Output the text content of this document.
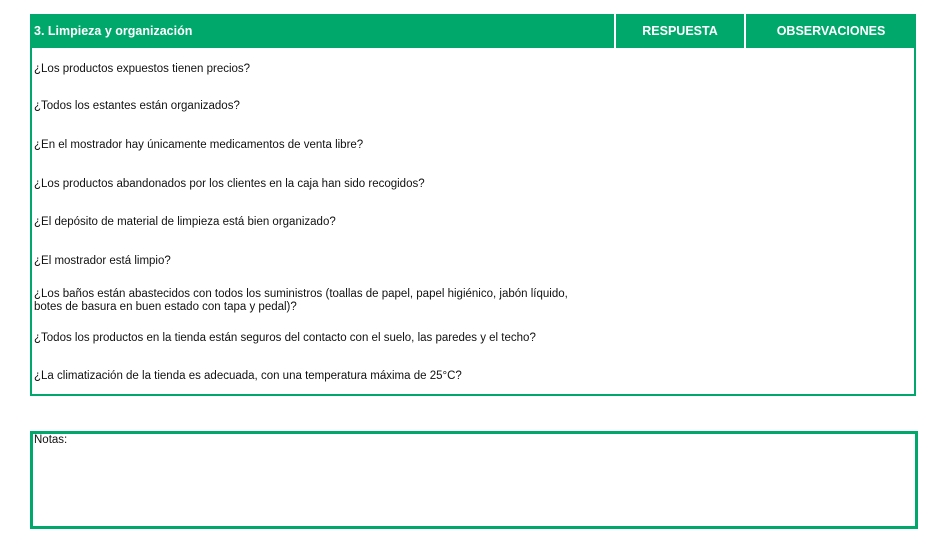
3. Limpieza y organización	RESPUESTA	OBSERVACIONES
¿Los productos expuestos tienen precios?
¿Todos los estantes están organizados?
¿En el mostrador hay únicamente medicamentos de venta libre?
¿Los productos abandonados por los clientes en la caja han sido recogidos?
¿El depósito de material de limpieza está bien organizado?
¿El mostrador está limpio?
¿Los baños están abastecidos con todos los suministros (toallas de papel, papel higiénico, jabón líquido,
botes de basura en buen estado con tapa y pedal)?
¿Todos los productos en la tienda están seguros del contacto con el suelo, las paredes y el techo?
¿La climatización de la tienda es adecuada, con una temperatura máxima de 25°C?
Notas:
